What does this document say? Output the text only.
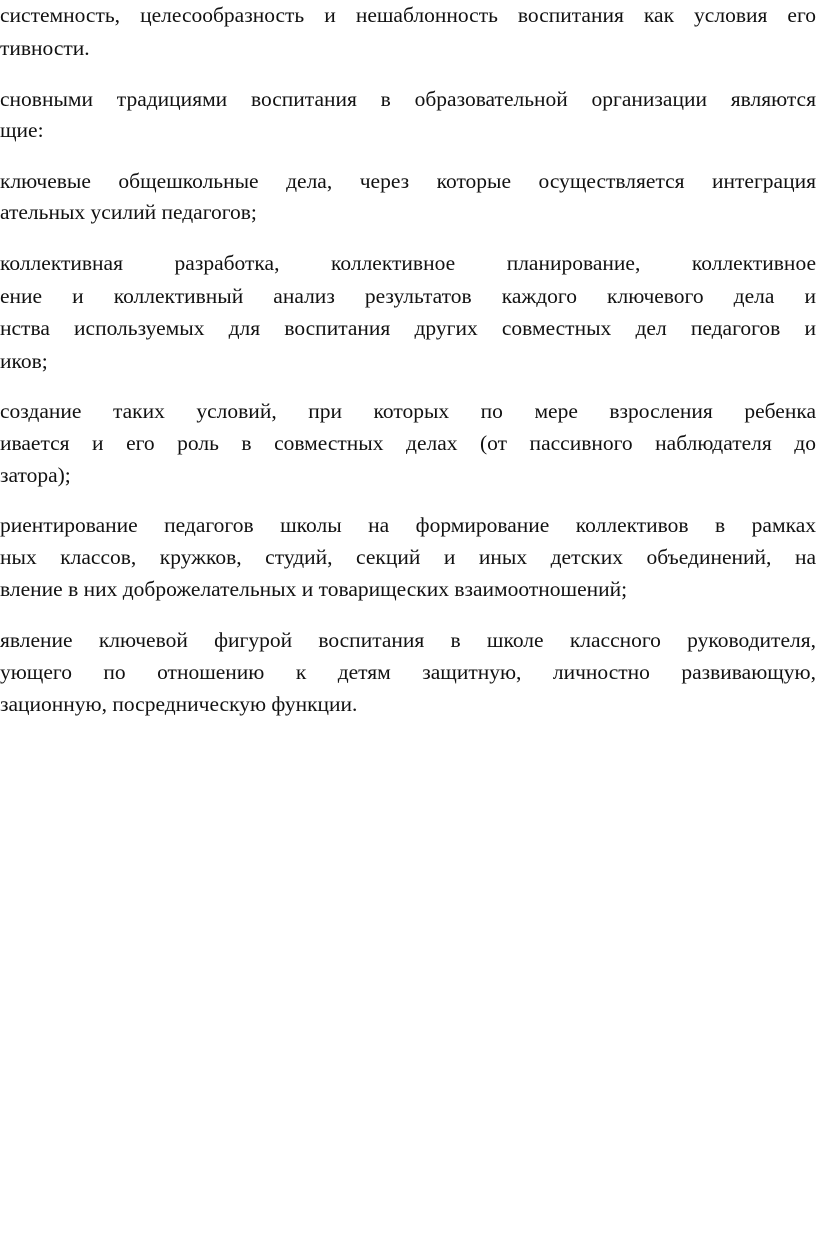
системность, целесообразность и нешаблонность воспитания как условия его
тивности.
сновными традициями воспитания в образовательной организации являются
щие:
ключевые общешкольные дела, через которые осуществляется интеграция
ательных усилий педагогов;
коллективная разработка, коллективное планирование, коллективное
ение и коллективный анализ результатов каждого ключевого дела и
нства используемых для воспитания других совместных дел педагогов и
иков;
создание таких условий, при которых по мере взросления ребенка
ивается и его роль в совместных делах (от пассивного наблюдателя до
затора);
риентирование педагогов школы на формирование коллективов в рамках
ных классов, кружков, студий, секций и иных детских объединений, на
вление в них доброжелательных и товарищеских взаимоотношений;
явление ключевой фигурой воспитания в школе классного руководителя,
ующего по отношению к детям защитную, личностно развивающую,
зационную, посредническую функции.
